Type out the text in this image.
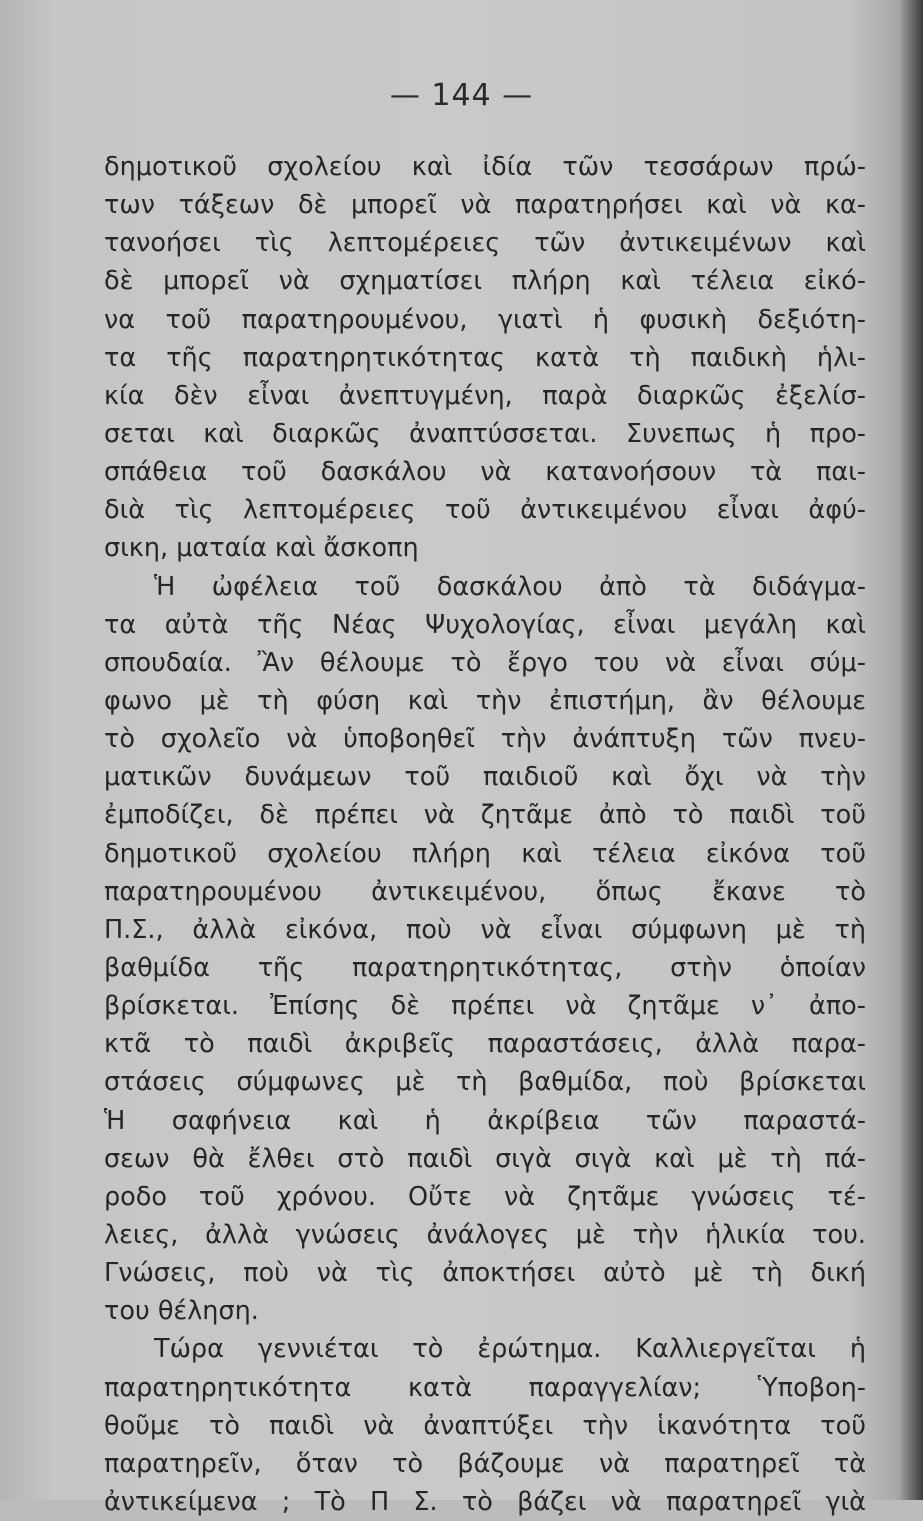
— 144 —
δημοτικοῦ σχολείου καὶ ἰδία τῶν τεσσάρων πρώ-
των τάξεων δὲ μπορεῖ νὰ παρατηρήσει καὶ νὰ κα-
τανοήσει τὶς λεπτομέρειες τῶν ἀντικειμένων καὶ
δὲ μπορεῖ νὰ σχηματίσει πλήρη καὶ τέλεια εἰκό-
να τοῦ παρατηρουμένου, γιατὶ ἡ φυσικὴ δεξιότη-
τα τῆς παρατηρητικότητας κατὰ τὴ παιδικὴ ἡλι-
κία δὲν εἶναι ἀνεπτυγμένη, παρὰ διαρκῶς ἐξελίσ-
σεται καὶ διαρκῶς ἀναπτύσσεται. Συνεπως ἡ προ-
σπάθεια τοῦ δασκάλου νὰ κατανοήσουν τὰ παι-
διὰ τὶς λεπτομέρειες τοῦ ἀντικειμένου εἶναι ἀφύ-
σικη, ματαία καὶ ἄσκοπη
Ἡ ὠφέλεια τοῦ δασκάλου ἀπὸ τὰ διδάγμα-
τα αὐτὰ τῆς Νέας Ψυχολογίας, εἶναι μεγάλη καὶ
σπουδαία. Ἂν θέλουμε τὸ ἔργο του νὰ εἶναι σύμ-
φωνο μὲ τὴ φύση καὶ τὴν ἐπιστήμη, ἂν θέλουμε
τὸ σχολεῖο νὰ ὑποβοηθεῖ τὴν ἀνάπτυξη τῶν πνευ-
ματικῶν δυνάμεων τοῦ παιδιοῦ καὶ ὄχι νὰ τὴν
ἐμποδίζει, δὲ πρέπει νὰ ζητᾶμε ἀπὸ τὸ παιδὶ τοῦ
δημοτικοῦ σχολείου πλήρη καὶ τέλεια εἰκόνα τοῦ
παρατηρουμένου ἀντικειμένου, ὅπως ἔκανε τὸ
Π.Σ., ἀλλὰ εἰκόνα, ποὺ νὰ εἶναι σύμφωνη μὲ τὴ
βαθμίδα τῆς παρατηρητικότητας, στὴν ὁποίαν
βρίσκεται. Ἐπίσης δὲ πρέπει νὰ ζητᾶμε ν᾽ ἀπο-
κτᾶ τὸ παιδὶ ἀκριβεῖς παραστάσεις, ἀλλὰ παρα-
στάσεις σύμφωνες μὲ τὴ βαθμίδα, ποὺ βρίσκεται
Ἡ σαφήνεια καὶ ἡ ἀκρίβεια τῶν παραστά-
σεων θὰ ἔλθει στὸ παιδὶ σιγὰ σιγὰ καὶ μὲ τὴ πά-
ροδο τοῦ χρόνου. Οὔτε νὰ ζητᾶμε γνώσεις τέ-
λειες, ἀλλὰ γνώσεις ἀνάλογες μὲ τὴν ἡλικία του.
Γνώσεις, ποὺ νὰ τὶς ἀποκτήσει αὐτὸ μὲ τὴ δική
του θέληση.
Τώρα γεννιέται τὸ ἐρώτημα. Καλλιεργεῖται ἡ
παρατηρητικότητα κατὰ παραγγελίαν; Ὑποβοη-
θοῦμε τὸ παιδὶ νὰ ἀναπτύξει τὴν ἱκανότητα τοῦ
παρατηρεῖν, ὅταν τὸ βάζουμε νὰ παρατηρεῖ τὰ
ἀντικείμενα ; Τὸ Π Σ. τὸ βάζει νὰ παρατηρεῖ γιὰ
